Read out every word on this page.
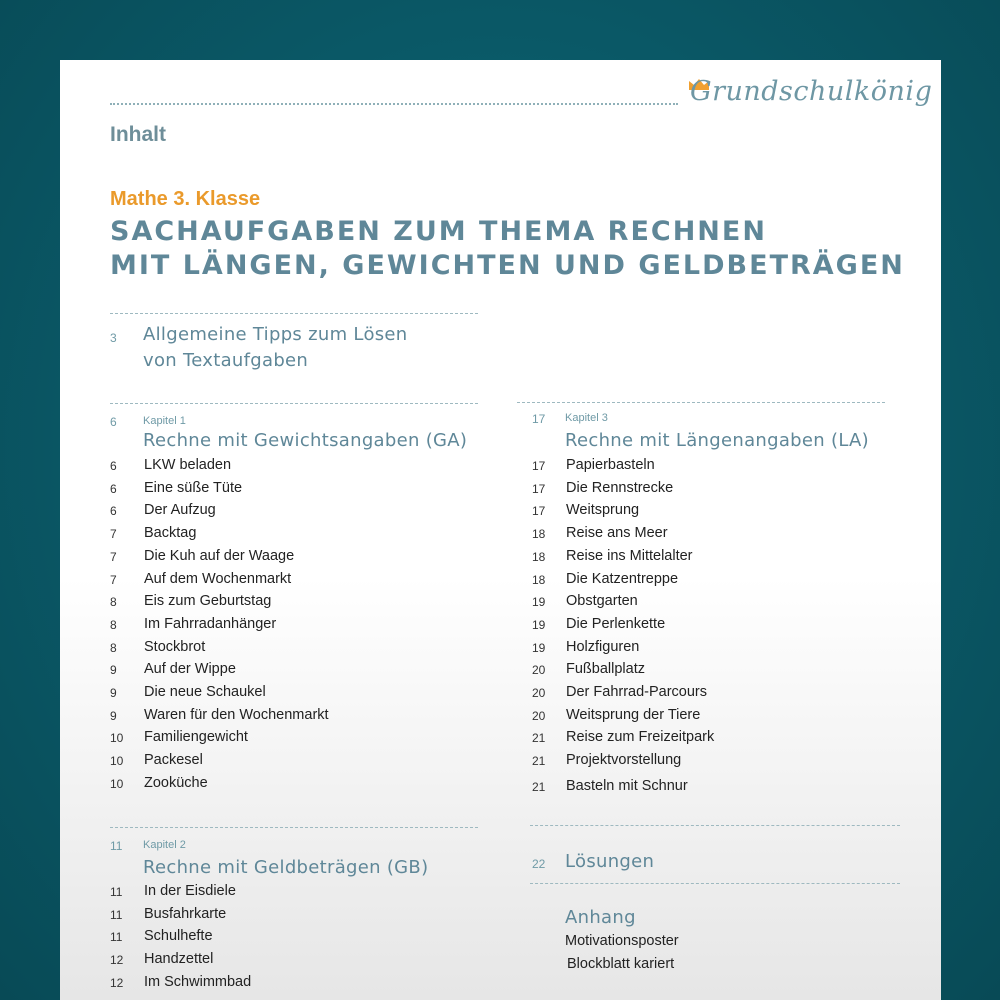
Grundschulkönig
Inhalt
Mathe 3. Klasse
SACHAUFGABEN ZUM THEMA RECHNEN
MIT LÄNGEN, GEWICHTEN UND GELDBETRÄGEN
3 Allgemeine Tipps zum Lösen
von Textaufgaben
6 Kapitel 1
Rechne mit Gewichtsangaben (GA)
6 LKW beladen
6 Eine süße Tüte
6 Der Aufzug
7 Backtag
7 Die Kuh auf der Waage
7 Auf dem Wochenmarkt
8 Eis zum Geburtstag
8 Im Fahrradanhänger
8 Stockbrot
9 Auf der Wippe
9 Die neue Schaukel
9 Waren für den Wochenmarkt
10 Familiengewicht
10 Packesel
10 Zooküche
11 Kapitel 2
Rechne mit Geldbeträgen (GB)
11 In der Eisdiele
11 Busfahrkarte
11 Schulhefte
12 Handzettel
12 Im Schwimmbad
17 Kapitel 3
Rechne mit Längenangaben (LA)
17 Papierbasteln
17 Die Rennstrecke
17 Weitsprung
18 Reise ans Meer
18 Reise ins Mittelalter
18 Die Katzentreppe
19 Obstgarten
19 Die Perlenkette
19 Holzfiguren
20 Fußballplatz
20 Der Fahrrad-Parcours
20 Weitsprung der Tiere
21 Reise zum Freizeitpark
21 Projektvorstellung
21 Basteln mit Schnur
22 Lösungen
Anhang
Motivationsposter
Blockblatt kariert
